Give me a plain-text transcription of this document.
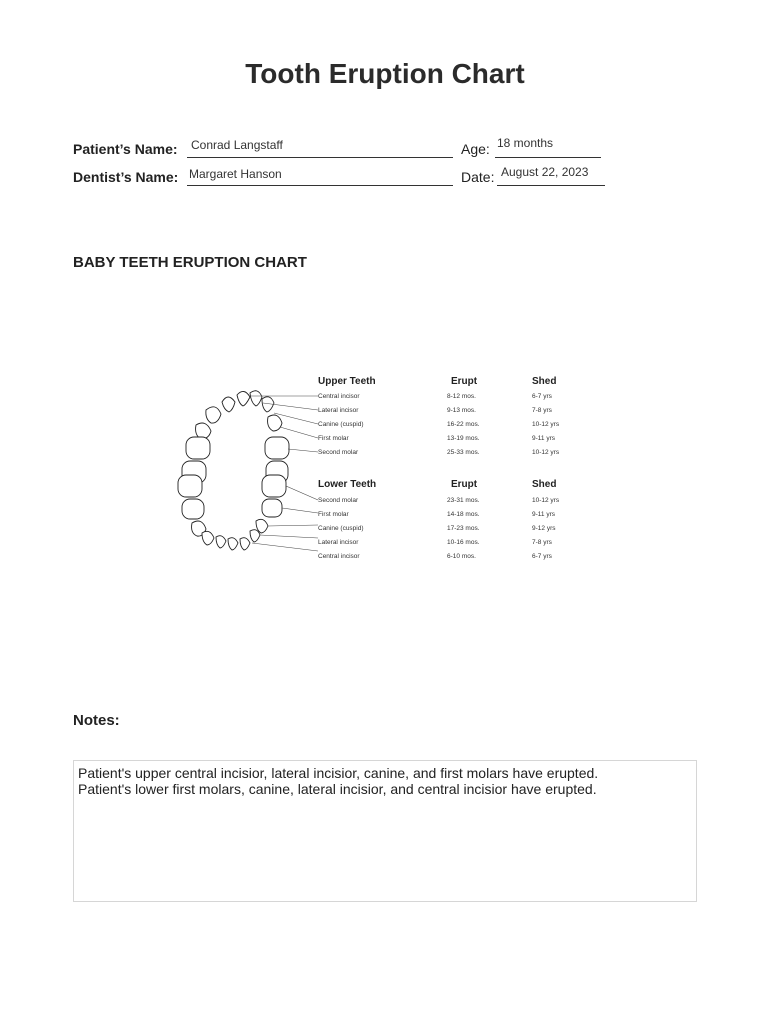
Tooth Eruption Chart
Patient’s Name: Conrad Langstaff	Age: 18 months
Dentist’s Name: Margaret Hanson	Date: August 22, 2023
BABY TEETH ERUPTION CHART
Upper Teeth	Erupt	Shed
Central incisor	8-12 mos.	6-7 yrs
Lateral incisor	9-13 mos.	7-8 yrs
Canine (cuspid)	16-22 mos.	10-12 yrs
First molar	13-19 mos.	9-11 yrs
Second molar	25-33 mos.	10-12 yrs
Lower Teeth	Erupt	Shed
Second molar	23-31 mos.	10-12 yrs
First molar	14-18 mos.	9-11 yrs
Canine (cuspid)	17-23 mos.	9-12 yrs
Lateral incisor	10-16 mos.	7-8 yrs
Central incisor	6-10 mos.	6-7 yrs
Notes:
Patient's upper central incisior, lateral incisior, canine, and first molars have erupted.
Patient's lower first molars, canine, lateral incisior, and central incisior have erupted.
